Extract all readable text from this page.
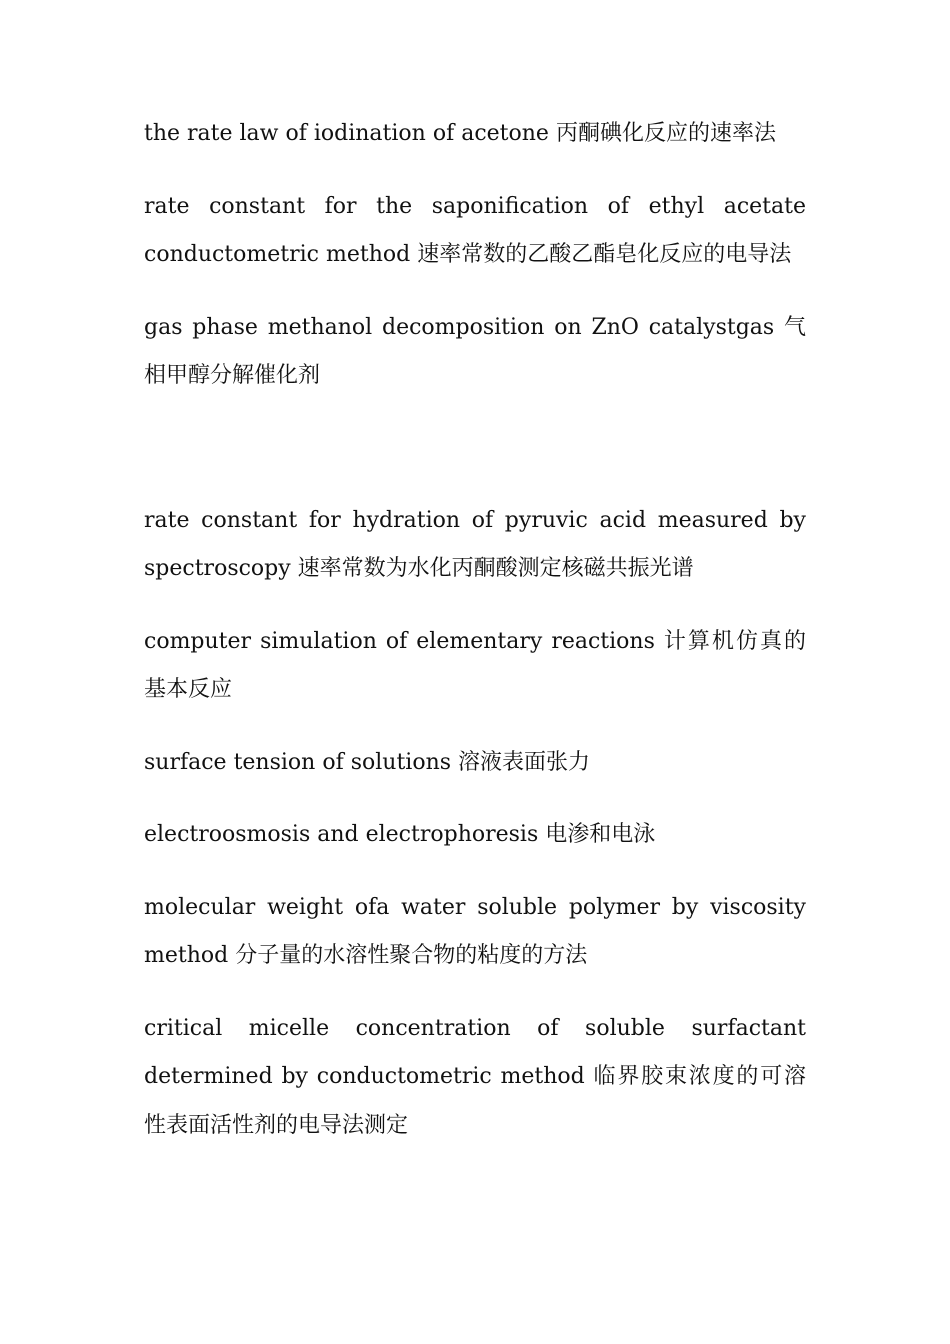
the rate law of iodination of acetone 丙酮碘化反应的速率法

rate constant for the saponification of ethyl acetate conductometric method 速率常数的乙酸乙酯皂化反应的电导法

gas phase methanol decomposition on ZnO catalystgas 气相甲醇分解催化剂

rate constant for hydration of pyruvic acid measured by spectroscopy 速率常数为水化丙酮酸测定核磁共振光谱

computer simulation of elementary reactions 计算机仿真的基本反应

surface tension of solutions 溶液表面张力

electroosmosis and electrophoresis 电渗和电泳

molecular weight ofa water soluble polymer by viscosity method 分子量的水溶性聚合物的粘度的方法

critical micelle concentration of soluble surfactant determined by conductometric method 临界胶束浓度的可溶性表面活性剂的电导法测定
